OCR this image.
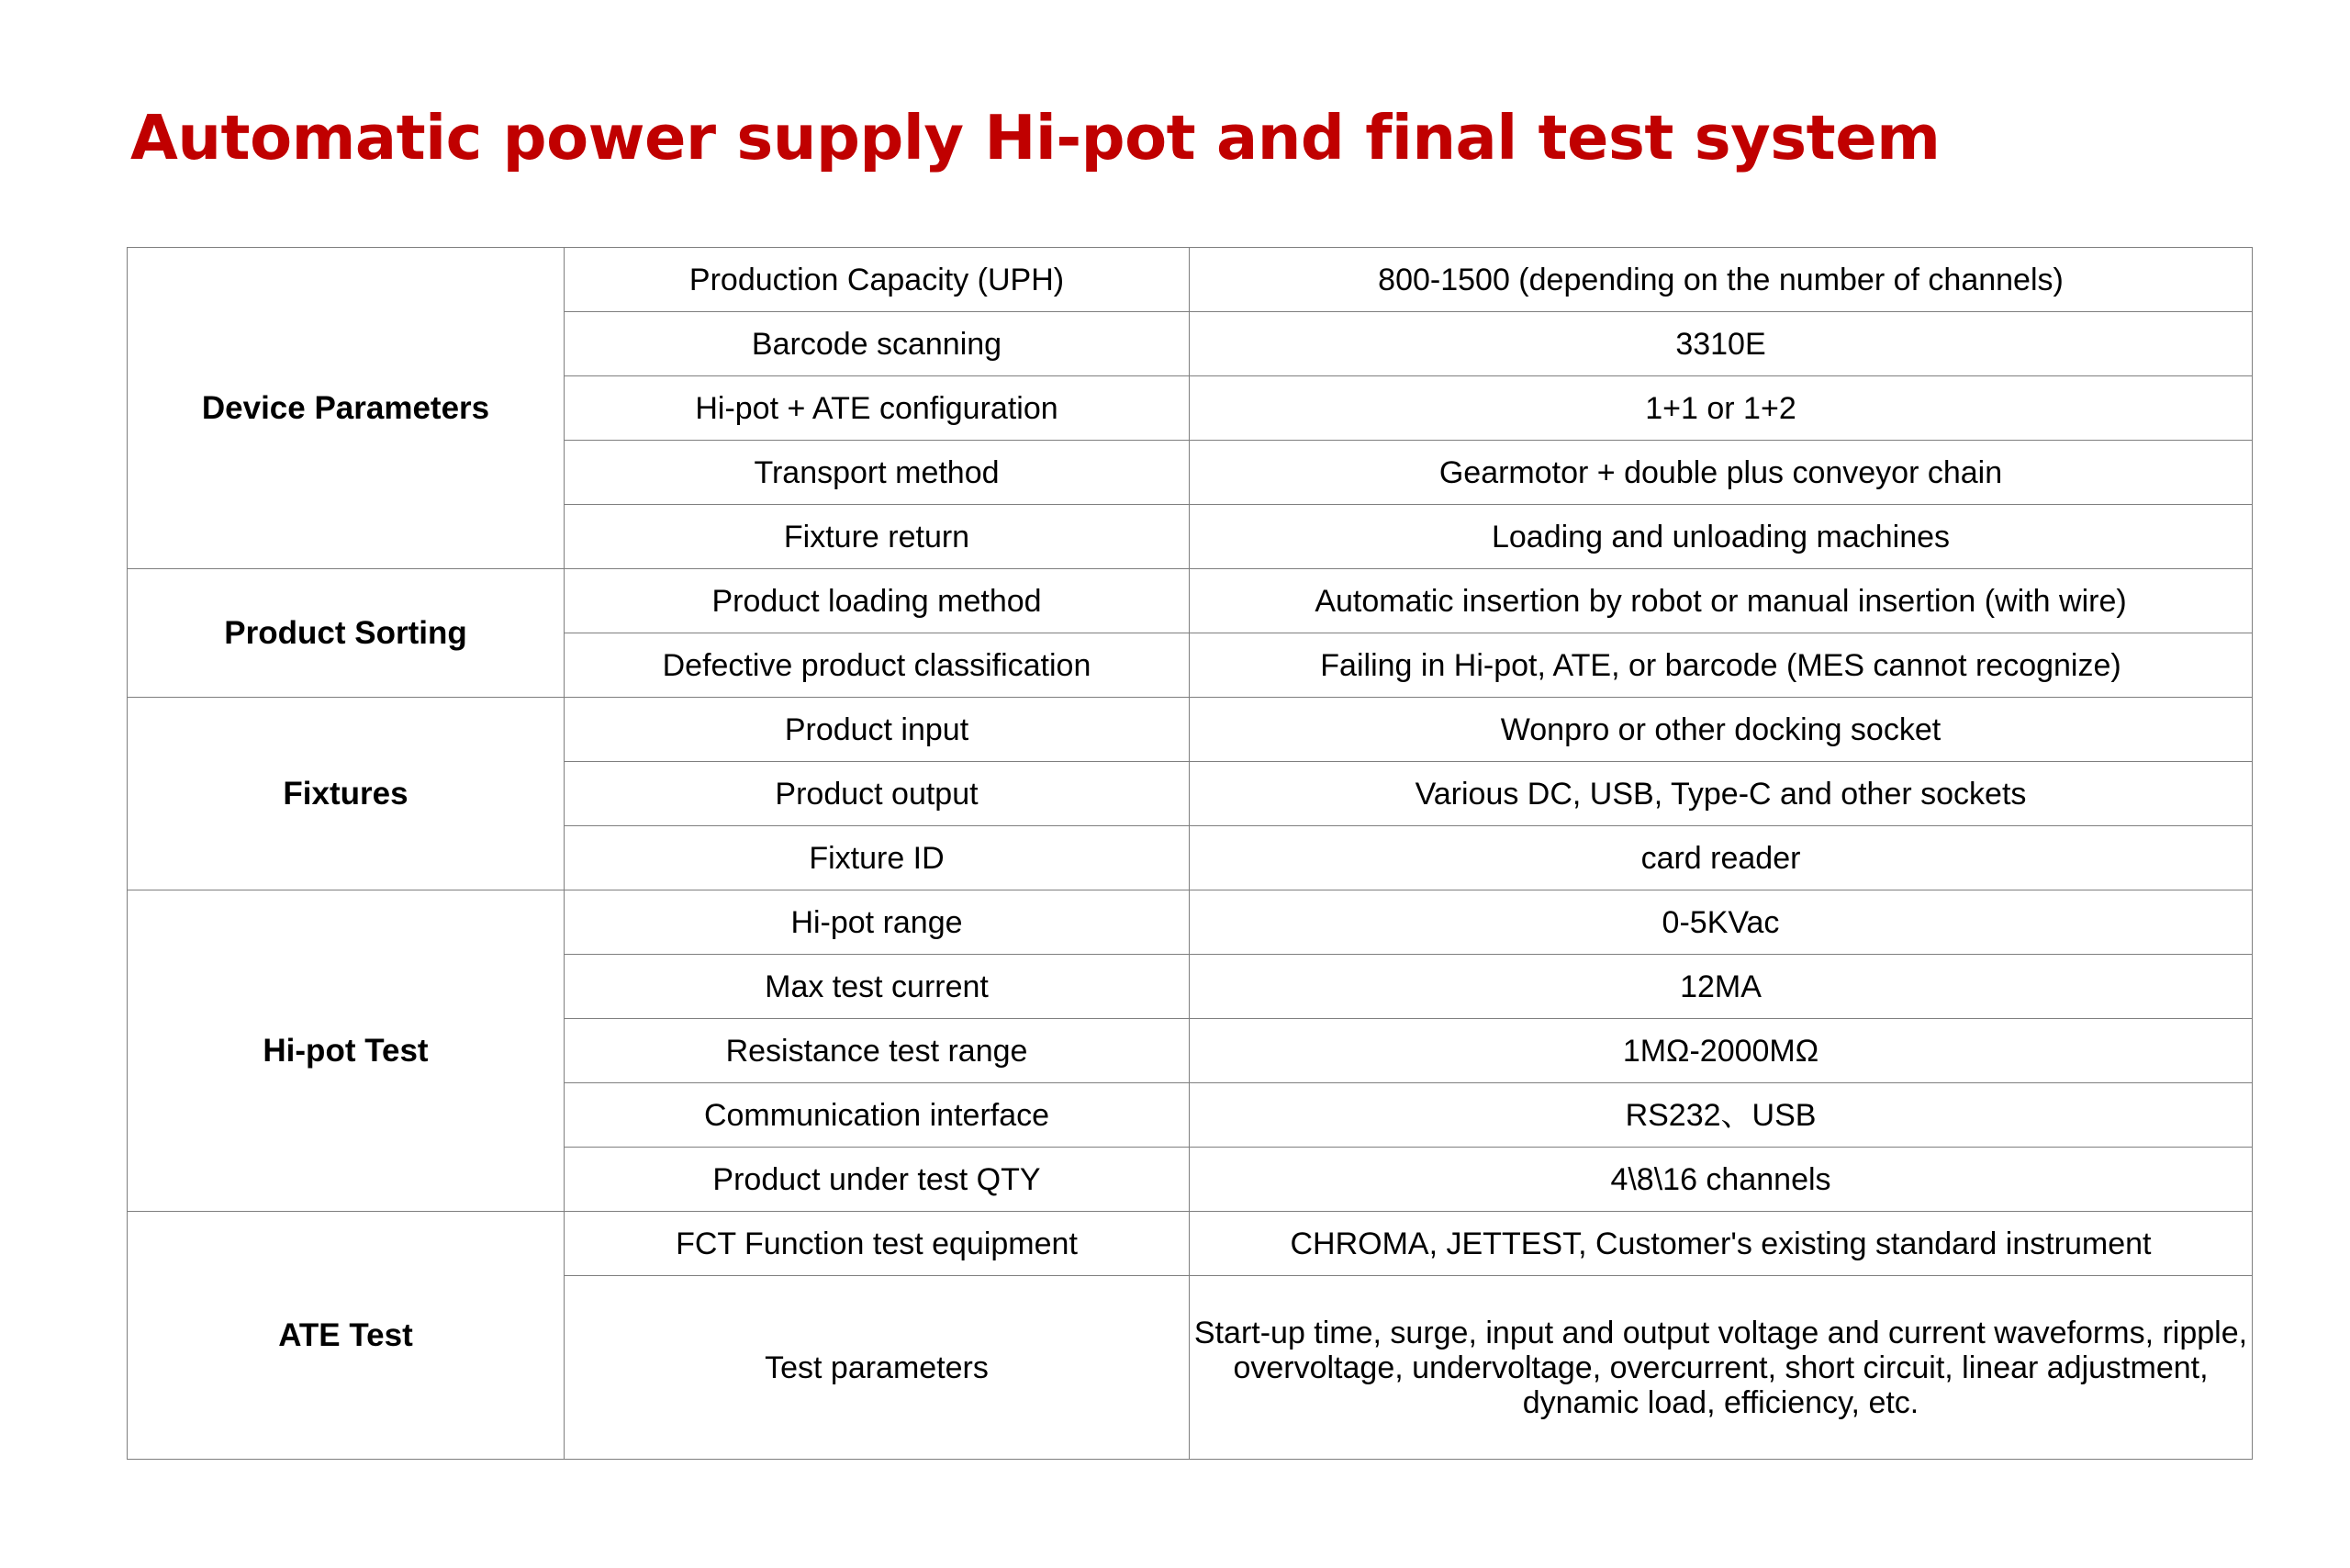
Automatic power supply Hi-pot and final test system
Device Parameters	Production Capacity (UPH)	800-1500 (depending on the number of channels)
	Barcode scanning	3310E
	Hi-pot + ATE configuration	1+1 or 1+2
	Transport method	Gearmotor + double plus conveyor chain
	Fixture return	Loading and unloading machines
Product Sorting	Product loading method	Automatic insertion by robot or manual insertion (with wire)
	Defective product classification	Failing in Hi-pot, ATE, or barcode (MES cannot recognize)
Fixtures	Product input	Wonpro or other docking socket
	Product output	Various DC, USB, Type-C and other sockets
	Fixture ID	card reader
Hi-pot Test	Hi-pot range	0-5KVac
	Max test current	12MA
	Resistance test range	1MΩ-2000MΩ
	Communication interface	RS232、USB
	Product under test QTY	4\8\16 channels
ATE Test	FCT Function test equipment	CHROMA, JETTEST, Customer's existing standard instrument
	Test parameters	Start-up time, surge, input and output voltage and current waveforms, ripple,
overvoltage, undervoltage, overcurrent, short circuit, linear adjustment,
dynamic load, efficiency, etc.
